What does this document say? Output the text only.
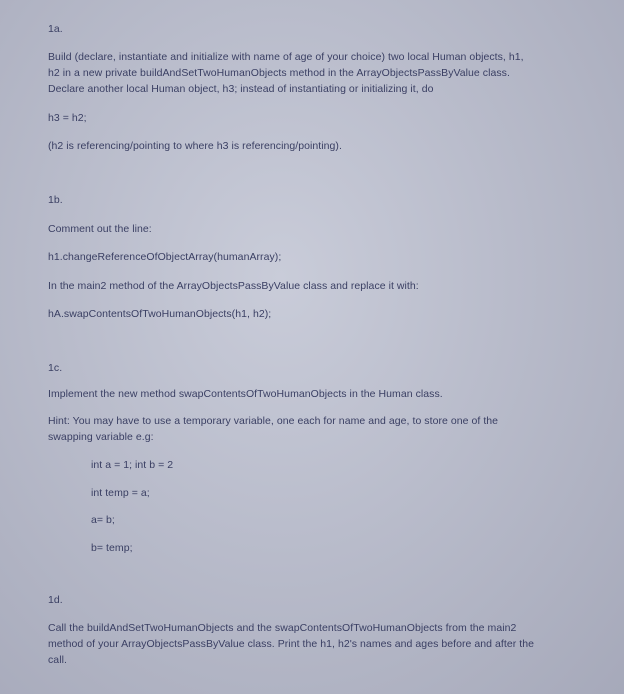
1a.
Build (declare, instantiate and initialize with name of age of your choice) two local Human objects, h1,
h2 in a new private buildAndSetTwoHumanObjects method in the ArrayObjectsPassByValue class.
Declare another local Human object, h3; instead of instantiating or initializing it, do
h3 = h2;
(h2 is referencing/pointing to where h3 is referencing/pointing).
1b.
Comment out the line:
h1.changeReferenceOfObjectArray(humanArray);
In the main2 method of the ArrayObjectsPassByValue class and replace it with:
hA.swapContentsOfTwoHumanObjects(h1, h2);
1c.
Implement the new method swapContentsOfTwoHumanObjects in the Human class.
Hint: You may have to use a temporary variable, one each for name and age, to store one of the
swapping variable e.g:
int a = 1; int b = 2
int temp = a;
a= b;
b= temp;
1d.
Call the buildAndSetTwoHumanObjects and the swapContentsOfTwoHumanObjects from the main2
method of your ArrayObjectsPassByValue class. Print the h1, h2's names and ages before and after the
call.
